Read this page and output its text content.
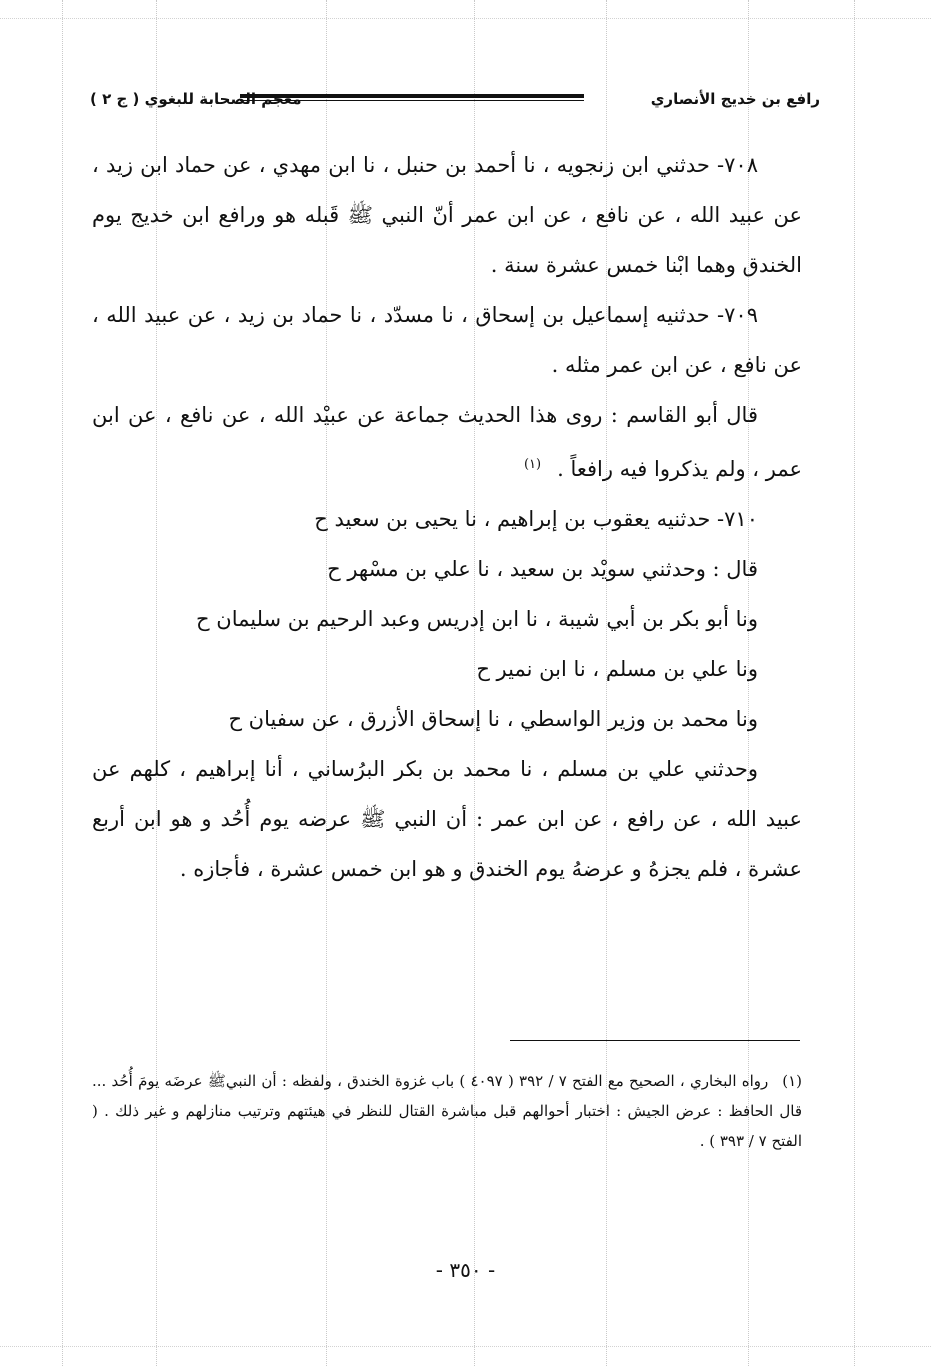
رافع بن خديج الأنصاري
معجم الصحابة للبغوي ( ج ٢ )

٧٠٨- حدثني ابن زنجويه ، نا أحمد بن حنبل ، نا ابن مهدي ، عن حماد ابن زيد ، عن عبيد الله ، عن نافع ، عن ابن عمر أنّ النبي ﷺ قَبله هو ورافع ابن خديج يوم الخندق وهما ابْنا خمس عشرة سنة .

٧٠٩- حدثنيه إسماعيل بن إسحاق ، نا مسدّد ، نا حماد بن زيد ، عن عبيد الله ، عن نافع ، عن ابن عمر مثله .

قال أبو القاسم : روى هذا الحديث جماعة عن عبيْد الله ، عن نافع ، عن ابن عمر ، ولم يذكروا فيه رافعاً .$^{(١)}$

٧١٠- حدثنيه يعقوب بن إبراهيم ، نا يحيى بن سعيد ح

قال : وحدثني سويْد بن سعيد ، نا علي بن مسْهر ح

ونا أبو بكر بن أبي شيبة ، نا ابن إدريس وعبد الرحيم بن سليمان ح

ونا علي بن مسلم ، نا ابن نمير ح

ونا محمد بن وزير الواسطي ، نا إسحاق الأزرق ، عن سفيان ح

وحدثني علي بن مسلم ، نا محمد بن بكر البرُساني ، أنا إبراهيم ، كلهم عن عبيد الله ، عن رافع ، عن ابن عمر : أن النبي ﷺ عرضه يوم أُحُد و هو ابن أربع عشرة ، فلم يجزهُ و عرضهُ يوم الخندق و هو ابن خمس عشرة ، فأجازه .

(١)رواه البخاري ، الصحيح مع الفتح ٧ / ٣٩٢ ( ٤٠٩٧ ) باب غزوة الخندق ، ولفظه : أن النبيﷺ عرضَه يومَ أُحُد ... قال الحافظ : عرض الجيش : اختبار أحوالهم قبل مباشرة القتال للنظر في هيئتهم وترتيب منازلهم و غير ذلك . ( الفتح ٧ / ٣٩٣ ) .
- ٣٥٠ -
